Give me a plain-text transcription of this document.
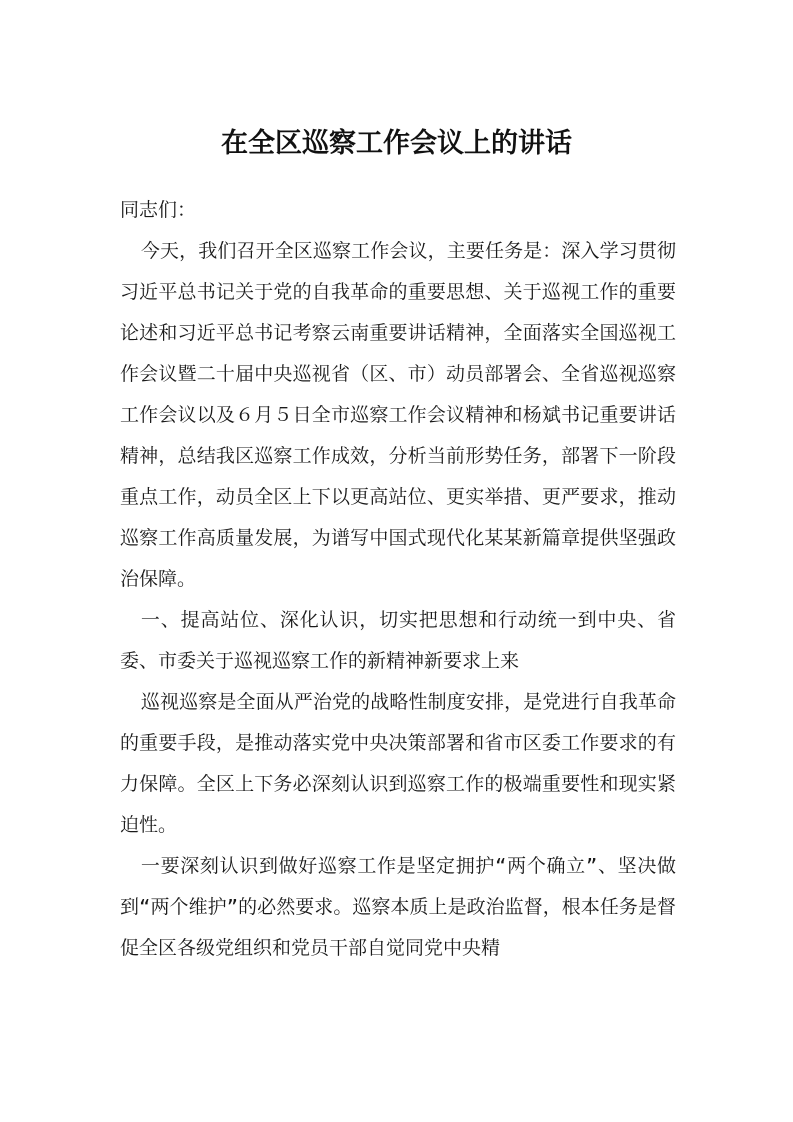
在全区巡察工作会议上的讲话

同志们：

今天，我们召开全区巡察工作会议，主要任务是：深入学习贯彻习近平总书记关于党的自我革命的重要思想、关于巡视工作的重要论述和习近平总书记考察云南重要讲话精神，全面落实全国巡视工作会议暨二十届中央巡视省（区、市）动员部署会、全省巡视巡察工作会议以及６月５日全市巡察工作会议精神和杨斌书记重要讲话精神，总结我区巡察工作成效，分析当前形势任务，部署下一阶段重点工作，动员全区上下以更高站位、更实举措、更严要求，推动巡察工作高质量发展，为谱写中国式现代化某某新篇章提供坚强政治保障。

一、提高站位、深化认识，切实把思想和行动统一到中央、省委、市委关于巡视巡察工作的新精神新要求上来

巡视巡察是全面从严治党的战略性制度安排，是党进行自我革命的重要手段，是推动落实党中央决策部署和省市区委工作要求的有力保障。全区上下务必深刻认识到巡察工作的极端重要性和现实紧迫性。

一要深刻认识到做好巡察工作是坚定拥护“两个确立”、坚决做到“两个维护”的必然要求。巡察本质上是政治监督，根本任务是督促全区各级党组织和党员干部自觉同党中央精
